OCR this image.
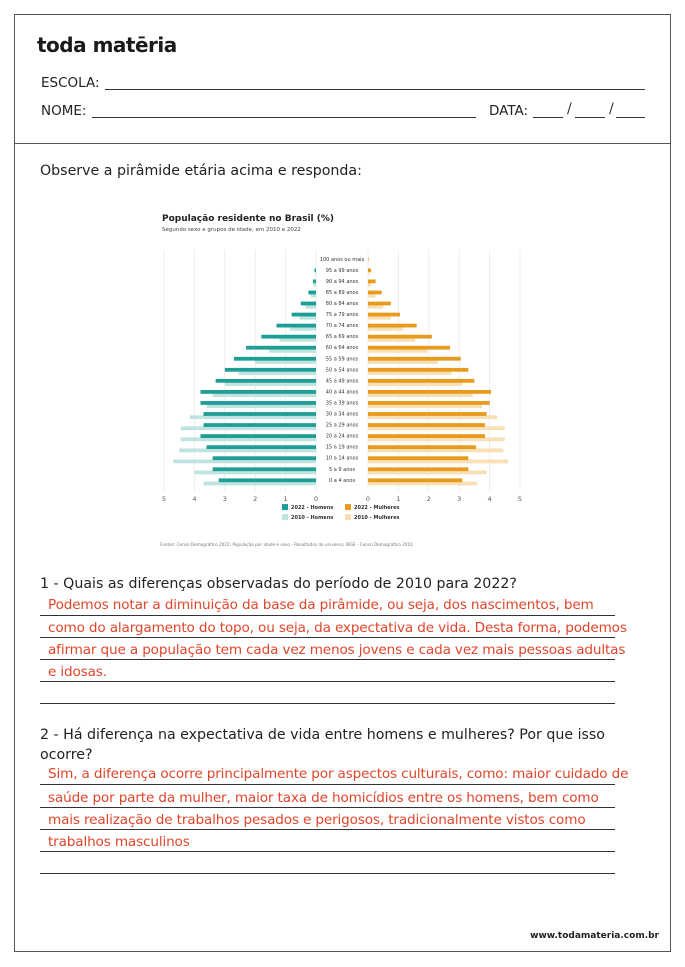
toda matēria
ESCOLA:
NOME:	DATA:	/	/
Observe a pirâmide etária acima e responda:
População residente no Brasil (%)
Segundo sexo e grupos de idade, em 2010 e 2022
100 anos ou mais
95 a 99 anos
90 a 94 anos
85 a 89 anos
80 a 84 anos
75 a 79 anos
70 a 74 anos
65 a 69 anos
60 a 64 anos
55 a 59 anos
50 a 54 anos
45 a 49 anos
40 a 44 anos
35 a 39 anos
30 a 34 anos
25 a 29 anos
20 a 24 anos
15 a 19 anos
10 a 14 anos
5 a 9 anos
0 a 4 anos
5	4	3	2	1	0	0	1	2	3	4	5
2022 - Homens	2022 - Mulheres
2010 - Homens	2010 - Mulheres
Fontes: Censo Demográfico 2022: População por idade e sexo - Resultados do universo; IBGE - Censo Demográfico 2010
1 - Quais as diferenças observadas do período de 2010 para 2022?
Podemos notar a diminuição da base da pirâmide, ou seja, dos nascimentos, bem
como do alargamento do topo, ou seja, da expectativa de vida. Desta forma, podemos
afirmar que a população tem cada vez menos jovens e cada vez mais pessoas adultas
e idosas.
2 - Há diferença na expectativa de vida entre homens e mulheres? Por que isso ocorre?
Sim, a diferença ocorre principalmente por aspectos culturais, como: maior cuidado de
saúde por parte da mulher, maior taxa de homicídios entre os homens, bem como
mais realização de trabalhos pesados e perigosos, tradicionalmente vistos como
trabalhos masculinos
www.todamateria.com.br
